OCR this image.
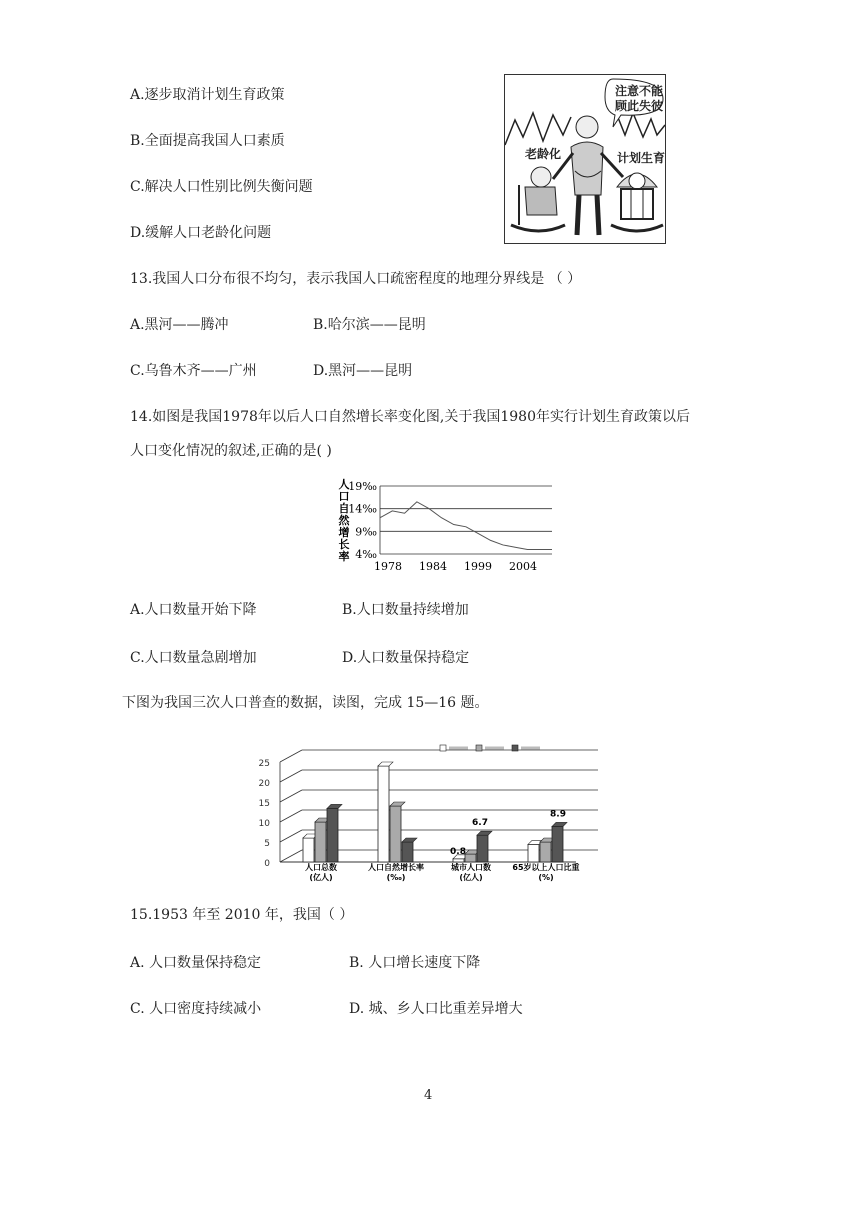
A.逐步取消计划生育政策
B.全面提高我国人口素质
C.解决人口性别比例失衡问题
D.缓解人口老龄化问题
注意不能
顾此失彼
老龄化	计划生育
13.我国人口分布很不均匀，表示我国人口疏密程度的地理分界线是 （ ）
A.黑河——腾冲	B.哈尔滨——昆明
C.乌鲁木齐——广州	D.黑河——昆明
14.如图是我国1978年以后人口自然增长率变化图,关于我国1980年实行计划生育政策以后
人口变化情况的叙述,正确的是( )
人
口
自
然
增
长
率
19‰
14‰
9‰
4‰
1978 1984 1999 2004
A.人口数量开始下降	B.人口数量持续增加
C.人口数量急剧增加	D.人口数量保持稳定
下图为我国三次人口普查的数据，读图，完成 15—16 题。
0
5
10
15
20
25
人口总数
(亿人)
人口自然增长率
(‰)
城市人口数
(亿人)
65岁以上人口比重
(%)
0.8
6.7
8.9
15.1953 年至 2010 年，我国（ ）
A. 人口数量保持稳定	B. 人口增长速度下降
C. 人口密度持续减小	D. 城、乡人口比重差异增大
4
